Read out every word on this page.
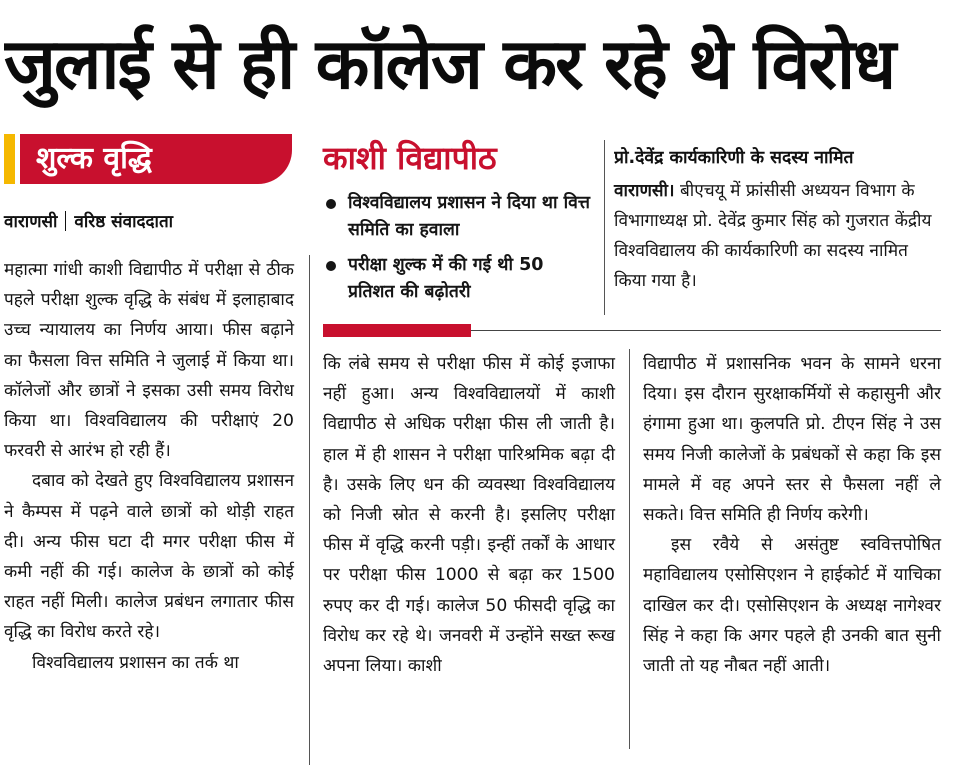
जुलाई से ही कॉलेज कर रहे थे विरोध
शुल्क वृद्धि
वाराणसी वरिष्ठ संवाददाता

महात्मा गांधी काशी विद्यापीठ में परीक्षा से ठीक पहले परीक्षा शुल्क वृद्धि के संबंध में इलाहाबाद उच्च न्यायालय का निर्णय आया। फीस बढ़ाने का फैसला वित्त समिति ने जुलाई में किया था। कॉलेजों और छात्रों ने इसका उसी समय विरोध किया था। विश्वविद्यालय की परीक्षाएं 20 फरवरी से आरंभ हो रही हैं।

दबाव को देखते हुए विश्वविद्यालय प्रशासन ने कैम्पस में पढ़ने वाले छात्रों को थोड़ी राहत दी। अन्य फीस घटा दी मगर परीक्षा फीस में कमी नहीं की गई। कालेज के छात्रों को कोई राहत नहीं मिली। कालेज प्रबंधन लगातार फीस वृद्धि का विरोध करते रहे।

विश्वविद्यालय प्रशासन का तर्क था

काशी विद्यापीठ
विश्वविद्यालय प्रशासन ने दिया था वित्त समिति का हवाला
परीक्षा शुल्क में की गई थी 50 प्रतिशत की बढ़ोतरी
प्रो.देवेंद्र कार्यकारिणी के सदस्य नामित

वाराणसी। बीएचयू में फ्रांसीसी अध्ययन विभाग के विभागाध्यक्ष प्रो. देवेंद्र कुमार सिंह को गुजरात केंद्रीय विश्वविद्यालय की कार्यकारिणी का सदस्य नामित किया गया है।

कि लंबे समय से परीक्षा फीस में कोई इजाफा नहीं हुआ। अन्य विश्वविद्यालयों में काशी विद्यापीठ से अधिक परीक्षा फीस ली जाती है। हाल में ही शासन ने परीक्षा पारिश्रमिक बढ़ा दी है। उसके लिए धन की व्यवस्था विश्वविद्यालय को निजी स्रोत से करनी है। इसलिए परीक्षा फीस में वृद्धि करनी पड़ी। इन्हीं तर्कों के आधार पर परीक्षा फीस 1000 से बढ़ा कर 1500 रुपए कर दी गई। कालेज 50 फीसदी वृद्धि का विरोध कर रहे थे। जनवरी में उन्होंने सख्त रूख अपना लिया। काशी

विद्यापीठ में प्रशासनिक भवन के सामने धरना दिया। इस दौरान सुरक्षाकर्मियों से कहासुनी और हंगामा हुआ था। कुलपति प्रो. टीएन सिंह ने उस समय निजी कालेजों के प्रबंधकों से कहा कि इस मामले में वह अपने स्तर से फैसला नहीं ले सकते। वित्त समिति ही निर्णय करेगी।

इस रवैये से असंतुष्ट स्ववित्तपोषित महाविद्यालय एसोसिएशन ने हाईकोर्ट में याचिका दाखिल कर दी। एसोसिएशन के अध्यक्ष नागेश्वर सिंह ने कहा कि अगर पहले ही उनकी बात सुनी जाती तो यह नौबत नहीं आती।
